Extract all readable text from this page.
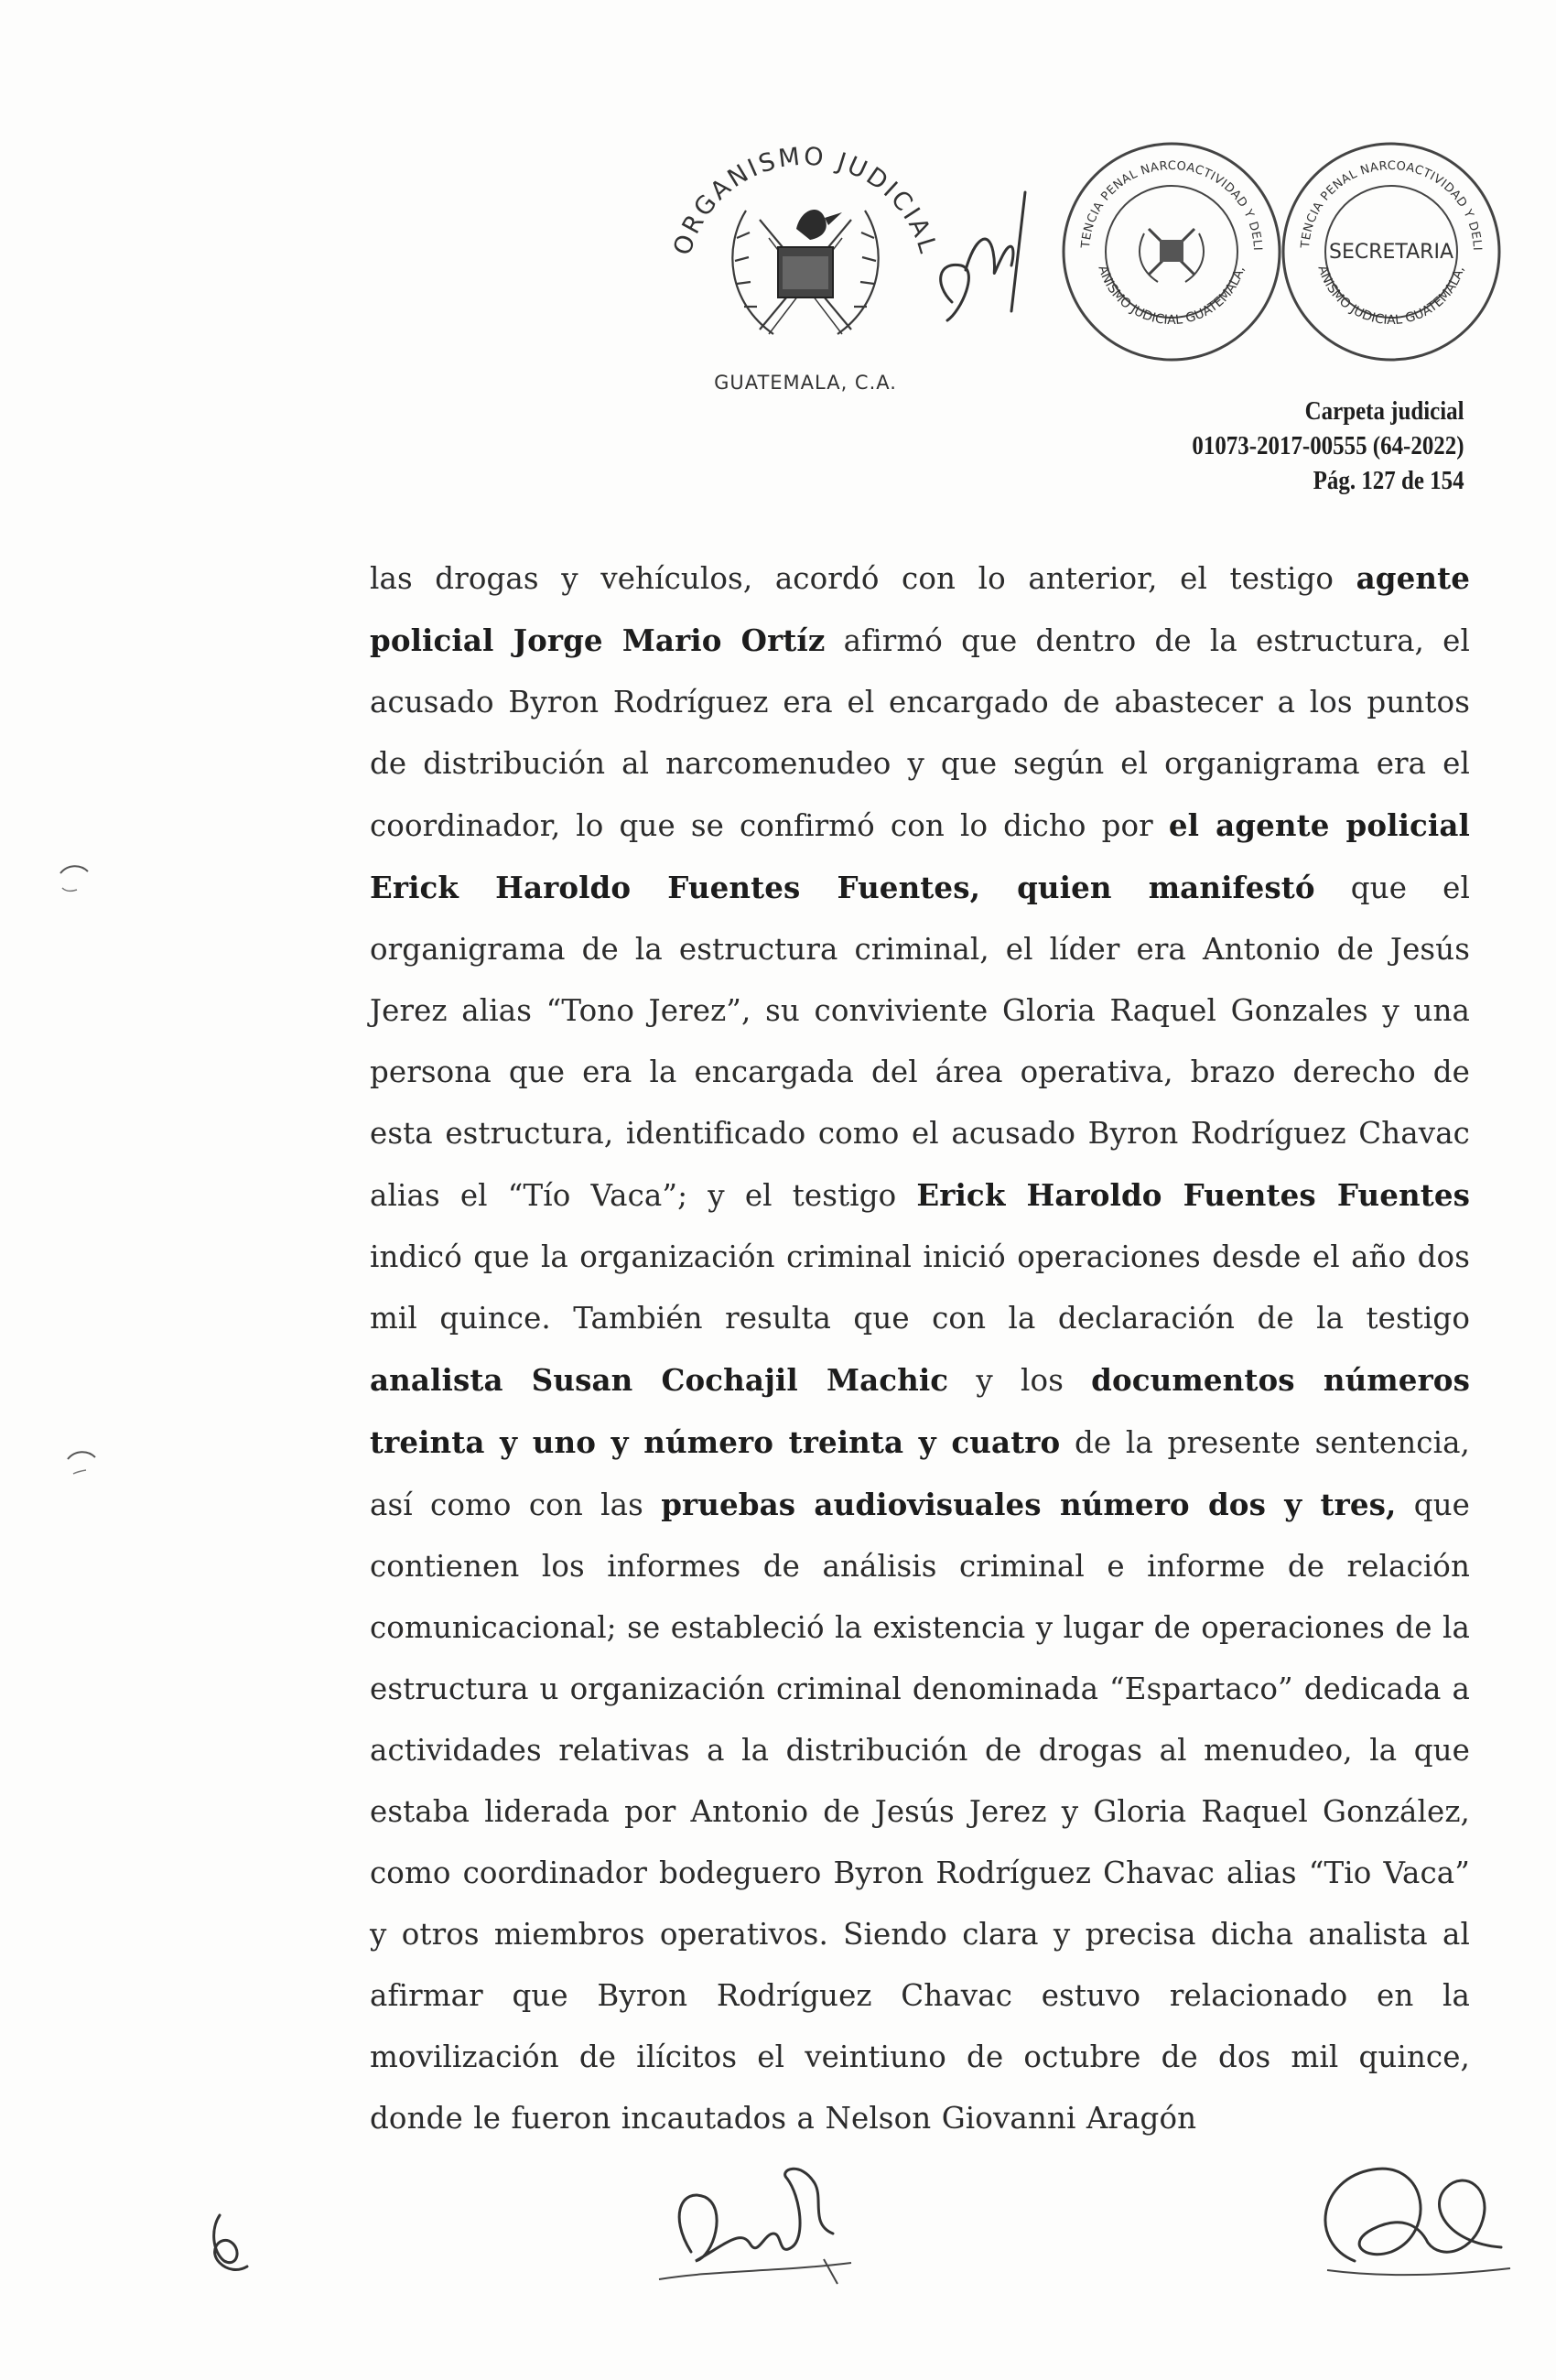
ORGANISMO JUDICIAL
GUATEMALA, C.A.
TENCIA PENAL NARCOACTIVIDAD Y DELI
ANISMO JUDICIAL GUATEMALA,
TENCIA PENAL NARCOACTIVIDAD Y DELI
ANISMO JUDICIAL GUATEMALA,
SECRETARIA
Carpeta judicial
01073-2017-00555 (64-2022)
Pág. 127 de 154
las drogas y vehículos, acordó con lo anterior, el testigo agente policial Jorge Mario Ortíz afirmó que dentro de la estructura, el acusado Byron Rodríguez era el encargado de abastecer a los puntos de distribución al narcomenudeo y que según el organigrama era el coordinador, lo que se confirmó con lo dicho por el agente policial Erick Haroldo Fuentes Fuentes, quien manifestó que el organigrama de la estructura criminal, el líder era Antonio de Jesús Jerez alias “Tono Jerez”, su conviviente Gloria Raquel Gonzales y una persona que era la encargada del área operativa, brazo derecho de esta estructura, identificado como el acusado Byron Rodríguez Chavac alias el “Tío Vaca”; y el testigo Erick Haroldo Fuentes Fuentes indicó que la organización criminal inició operaciones desde el año dos mil quince. También resulta que con la declaración de la testigo analista Susan Cochajil Machic y los documentos números treinta y uno y número treinta y cuatro de la presente sentencia, así como con las pruebas audiovisuales número dos y tres, que contienen los informes de análisis criminal e informe de relación comunicacional; se estableció la existencia y lugar de operaciones de la estructura u organización criminal denominada “Espartaco” dedicada a actividades relativas a la distribución de drogas al menudeo, la que estaba liderada por Antonio de Jesús Jerez y Gloria Raquel González, como coordinador bodeguero Byron Rodríguez Chavac alias “Tio Vaca” y otros miembros operativos. Siendo clara y precisa dicha analista al afirmar que Byron Rodríguez Chavac estuvo relacionado en la movilización de ilícitos el veintiuno de octubre de dos mil quince, donde le fueron incautados a Nelson Giovanni Aragón
